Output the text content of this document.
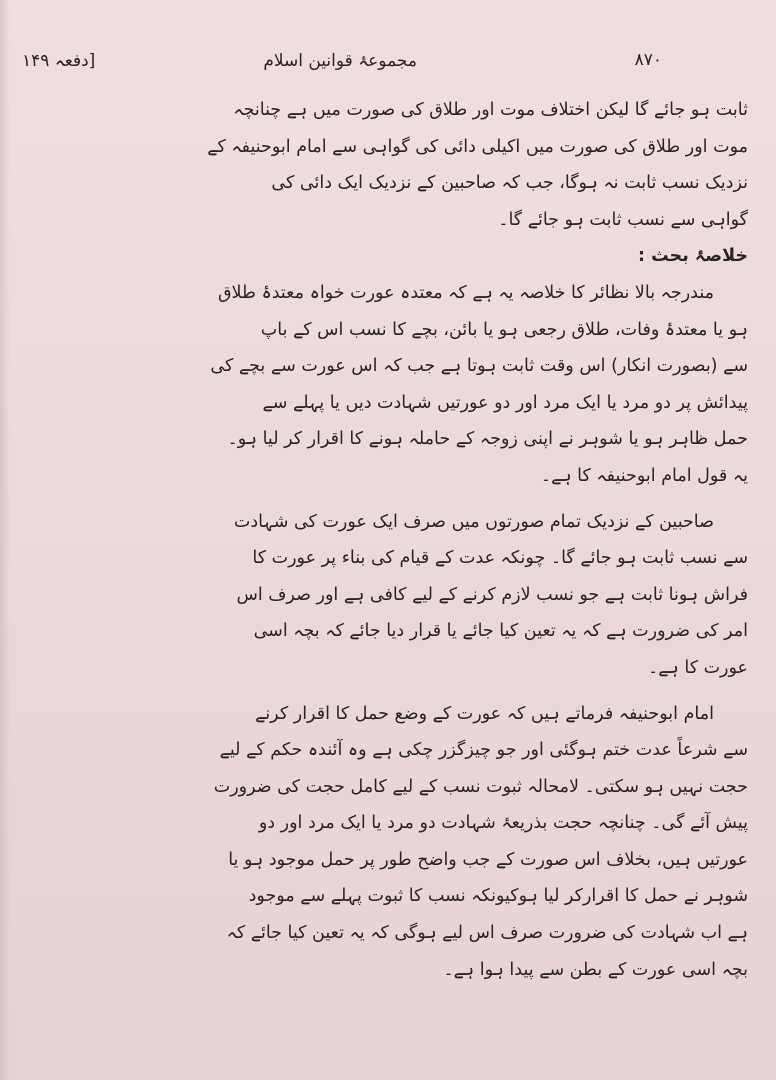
۸۷۰
مجموعۂ قوانین اسلام
[دفعہ ۱۴۹
ثابت ہو جائے گا لیکن اختلاف موت اور طلاق کی صورت میں ہے چنانچہ
موت اور طلاق کی صورت میں اکیلی دائی کی گواہی سے امام ابوحنیفہ کے
نزدیک نسب ثابت نہ ہوگا، جب کہ صاحبین کے نزدیک ایک دائی کی
گواہی سے نسب ثابت ہو جائے گا۔
خلاصۂ بحث :
مندرجہ بالا نظائر کا خلاصہ یہ ہے کہ معتدہ عورت خواہ معتدۂ طلاق
ہو یا معتدۂ وفات، طلاق رجعی ہو یا بائن، بچے کا نسب اس کے باپ
سے (بصورت انکار) اس وقت ثابت ہوتا ہے جب کہ اس عورت سے بچے کی
پیدائش پر دو مرد یا ایک مرد اور دو عورتیں شہادت دیں یا پہلے سے
حمل ظاہر ہو یا شوہر نے اپنی زوجہ کے حاملہ ہونے کا اقرار کر لیا ہو۔
یہ قول امام ابوحنیفہ کا ہے۔
صاحبین کے نزدیک تمام صورتوں میں صرف ایک عورت کی شہادت
سے نسب ثابت ہو جائے گا۔ چونکہ عدت کے قیام کی بناء پر عورت کا
فراش ہونا ثابت ہے جو نسب لازم کرنے کے لیے کافی ہے اور صرف اس
امر کی ضرورت ہے کہ یہ تعین کیا جائے یا قرار دیا جائے کہ بچہ اسی
عورت کا ہے۔
امام ابوحنیفہ فرماتے ہیں کہ عورت کے وضع حمل کا اقرار کرنے
سے شرعاً عدت ختم ہوگئی اور جو چیزگزر چکی ہے وہ آئندہ حکم کے لیے
حجت نہیں ہو سکتی۔ لامحالہ ثبوت نسب کے لیے کامل حجت کی ضرورت
پیش آئے گی۔ چنانچہ حجت بذریعۂ شہادت دو مرد یا ایک مرد اور دو
عورتیں ہیں، بخلاف اس صورت کے جب واضح طور پر حمل موجود ہو یا
شوہر نے حمل کا اقرارکر لیا ہوکیونکہ نسب کا ثبوت پہلے سے موجود
ہے اب شہادت کی ضرورت صرف اس لیے ہوگی کہ یہ تعین کیا جائے کہ
بچہ اسی عورت کے بطن سے پیدا ہوا ہے۔
